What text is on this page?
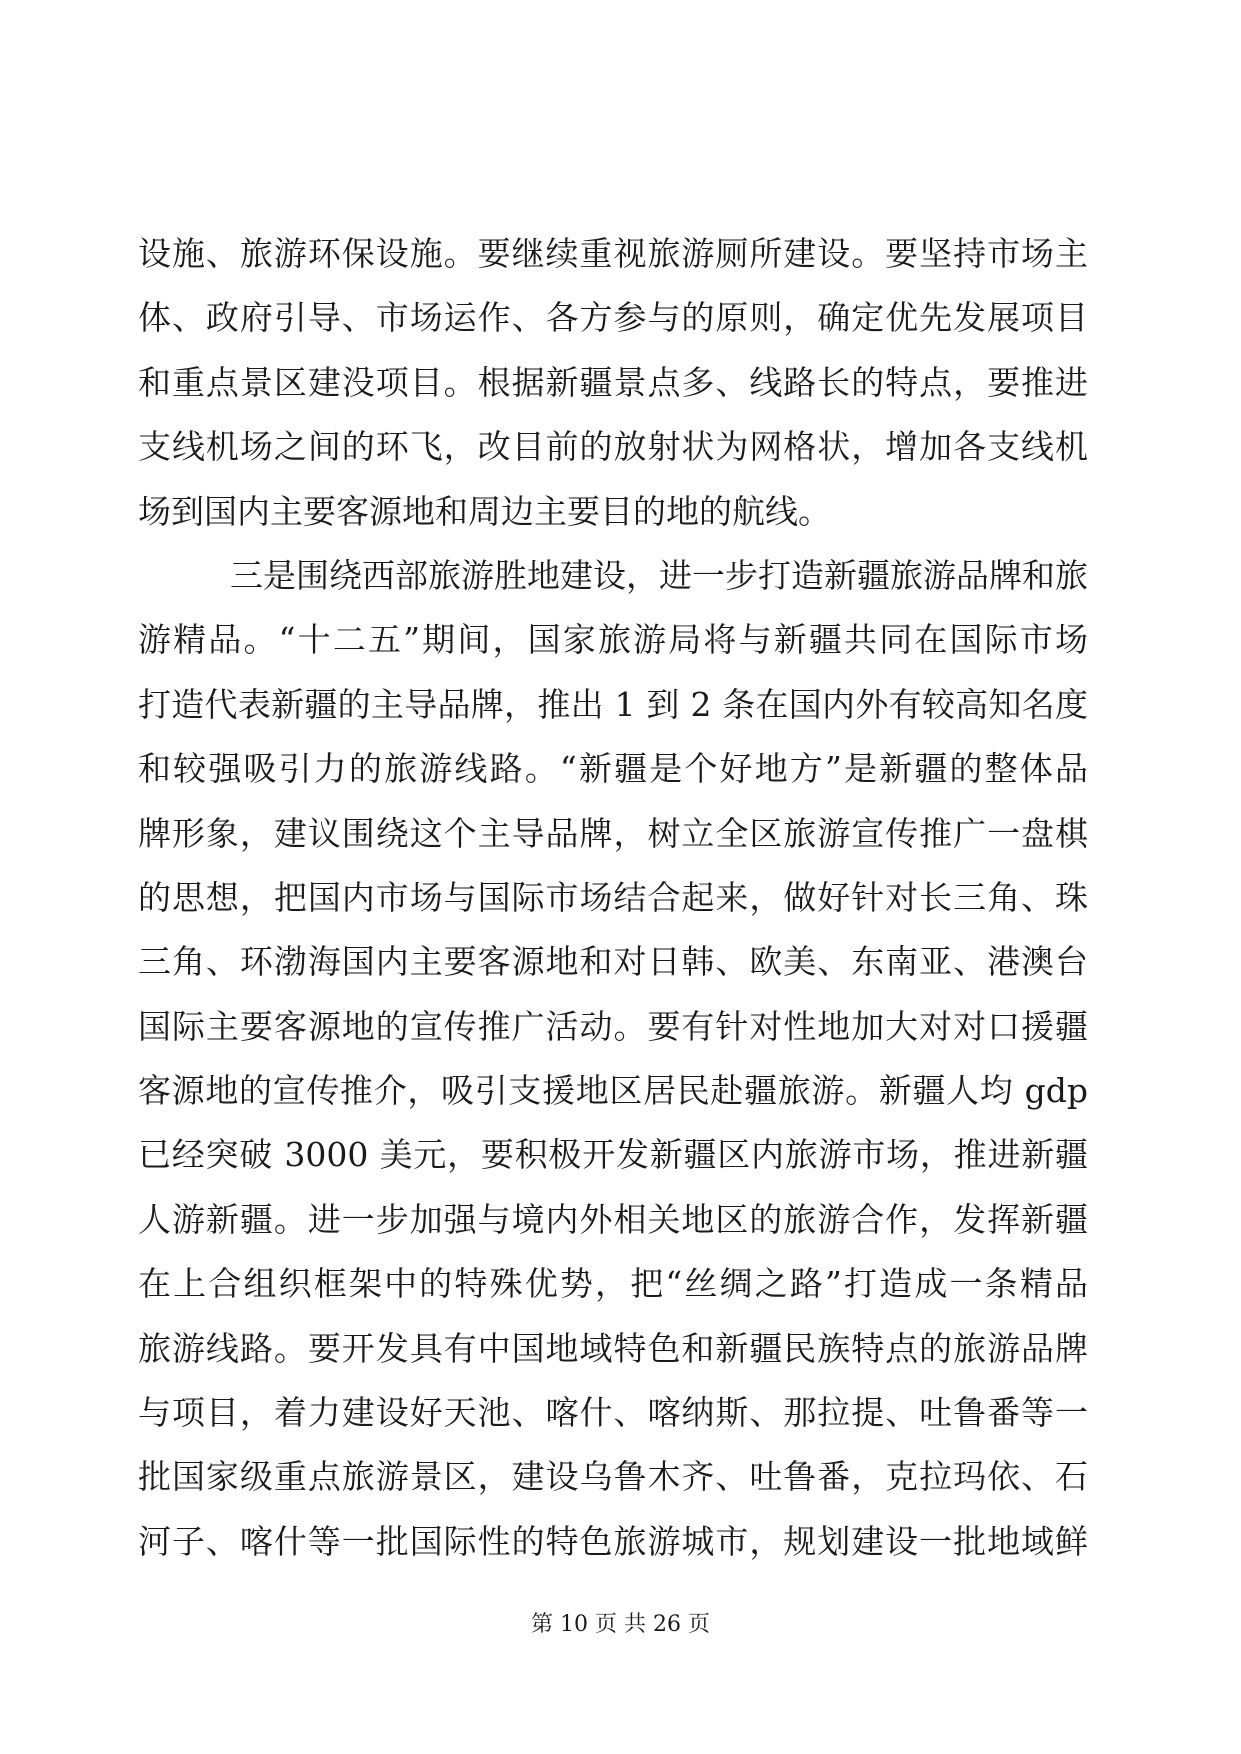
设施、旅游环保设施。要继续重视旅游厕所建设。要坚持市场主
体、政府引导、市场运作、各方参与的原则，确定优先发展项目
和重点景区建没项目。根据新疆景点多、线路长的特点，要推进
支线机场之间的环飞，改目前的放射状为网格状，增加各支线机
场到国内主要客源地和周边主要目的地的航线。
三是围绕西部旅游胜地建设，进一步打造新疆旅游品牌和旅
游精品。“十二五”期间，国家旅游局将与新疆共同在国际市场
打造代表新疆的主导品牌，推出 1 到 2 条在国内外有较高知名度
和较强吸引力的旅游线路。“新疆是个好地方”是新疆的整体品
牌形象，建议围绕这个主导品牌，树立全区旅游宣传推广一盘棋
的思想，把国内市场与国际市场结合起来，做好针对长三角、珠
三角、环渤海国内主要客源地和对日韩、欧美、东南亚、港澳台
国际主要客源地的宣传推广活动。要有针对性地加大对对口援疆
客源地的宣传推介，吸引支援地区居民赴疆旅游。新疆人均 gdp
已经突破 3000 美元，要积极开发新疆区内旅游市场，推进新疆
人游新疆。进一步加强与境内外相关地区的旅游合作，发挥新疆
在上合组织框架中的特殊优势，把“丝绸之路”打造成一条精品
旅游线路。要开发具有中国地域特色和新疆民族特点的旅游品牌
与项目，着力建设好天池、喀什、喀纳斯、那拉提、吐鲁番等一
批国家级重点旅游景区，建设乌鲁木齐、吐鲁番，克拉玛依、石
河子、喀什等一批国际性的特色旅游城市，规划建设一批地域鲜
第 10 页 共 26 页
